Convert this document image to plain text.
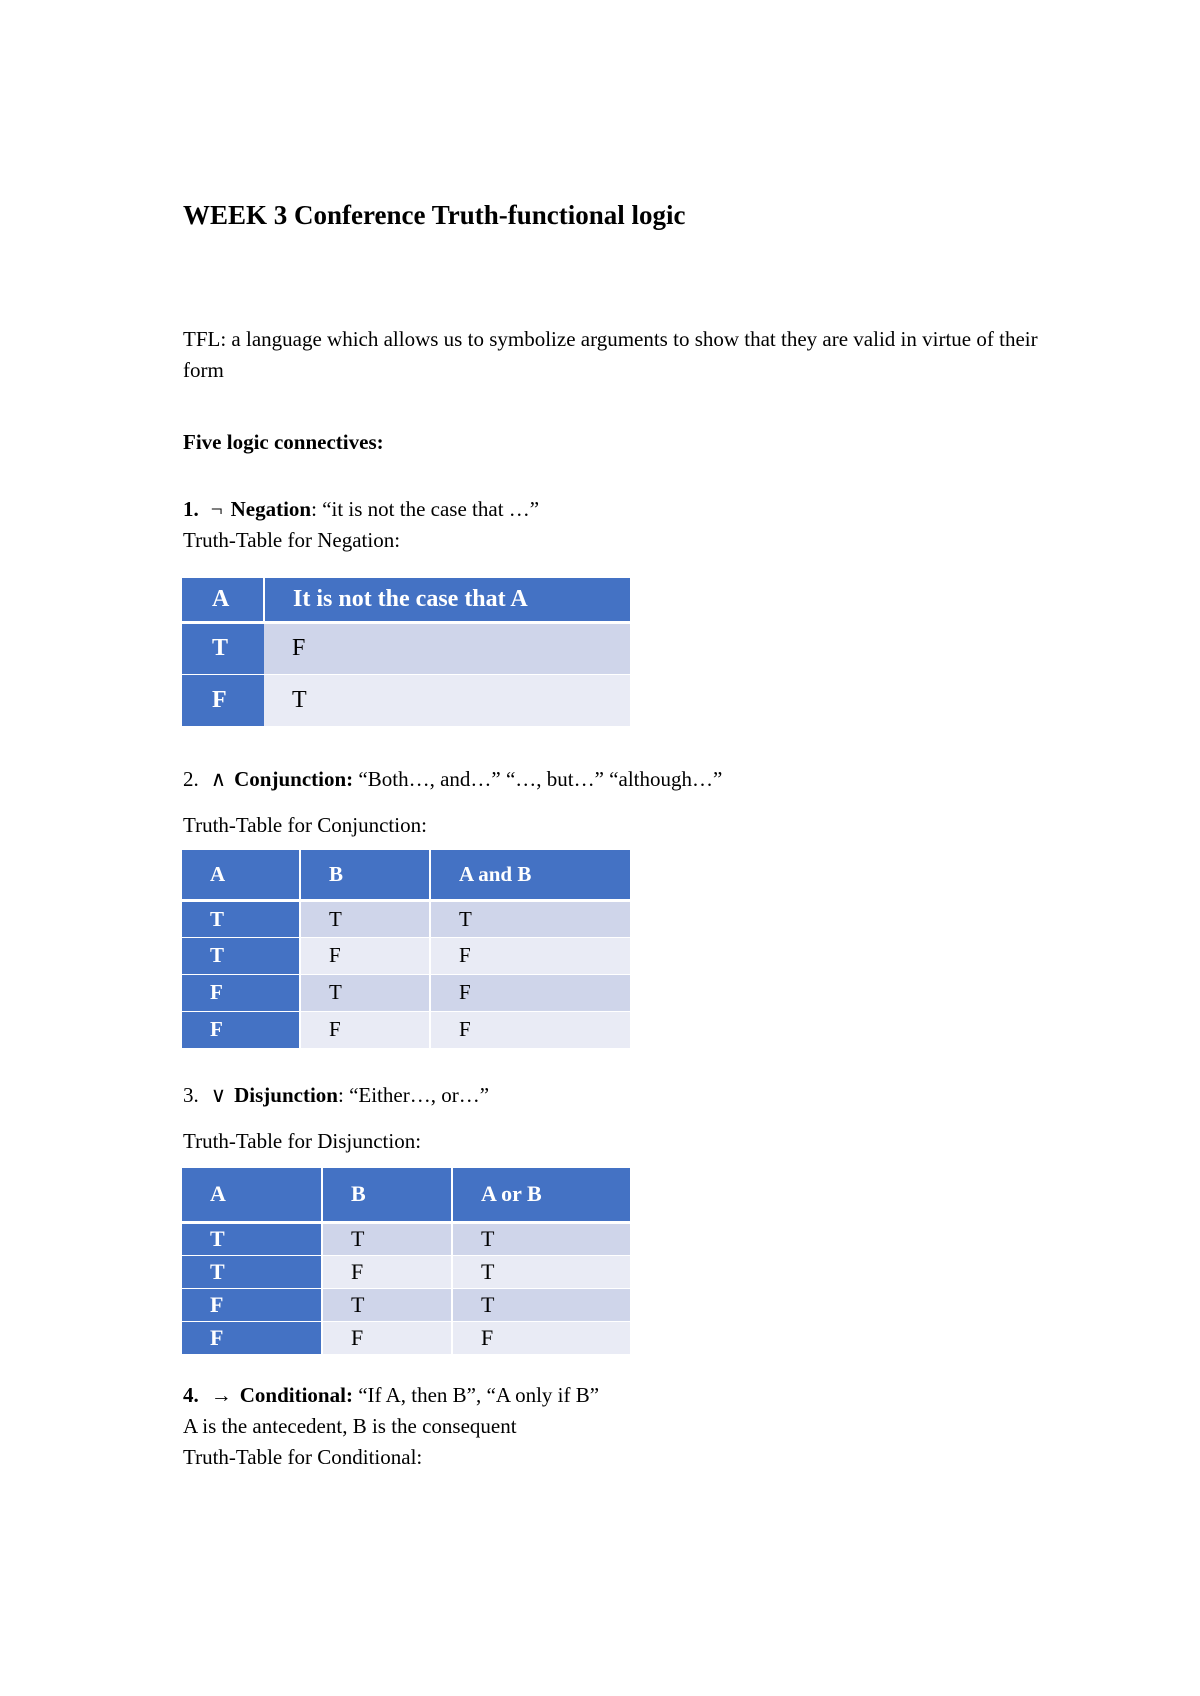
WEEK 3 Conference Truth-functional logic
TFL: a language which allows us to symbolize arguments to show that they are valid in virtue of their form
Five logic connectives:
1. ¬ Negation: “it is not the case that …”
Truth-Table for Negation:
A	It is not the case that A
T	F
F	T
2. ∧ Conjunction: “Both…, and…” “…, but…” “although…”
Truth-Table for Conjunction:
A	B	A and B
T	T	T
T	F	F
F	T	F
F	F	F
3. ∨ Disjunction: “Either…, or…”
Truth-Table for Disjunction:
A	B	A or B
T	T	T
T	F	T
F	T	T
F	F	F
4. → Conditional: “If A, then B”, “A only if B”
A is the antecedent, B is the consequent
Truth-Table for Conditional:
